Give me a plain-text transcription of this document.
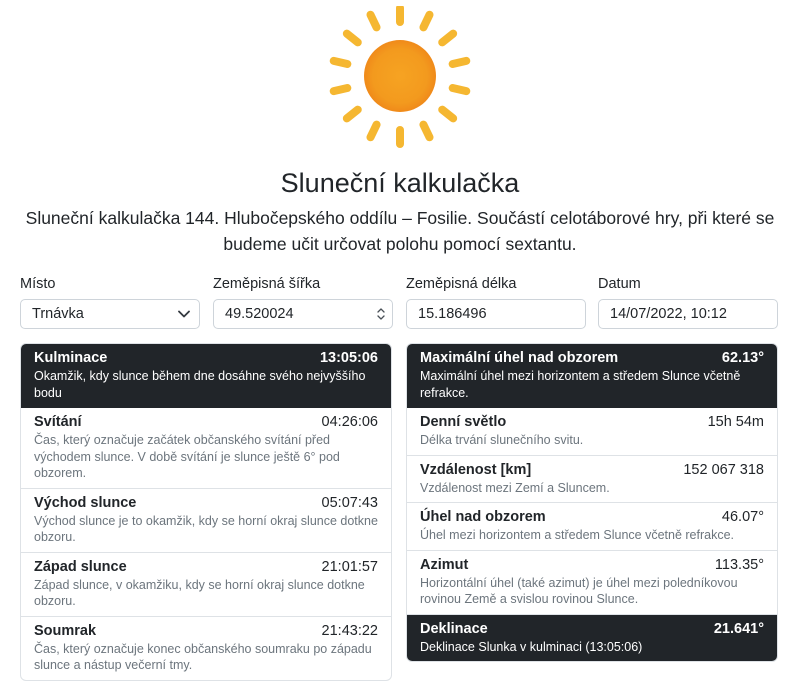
Sluneční kalkulačka
Sluneční kalkulačka 144. Hlubočepského oddílu – Fosilie. Součástí celotáborové hry, při které se budeme učit určovat polohu pomocí sextantu.
Místo
Trnávka
Zeměpisná šířka
49.520024
Zeměpisná délka
15.186496
Datum
14/07/2022, 10:12
Kulminace	13:05:06
Okamžik, kdy slunce během dne dosáhne svého nejvyššího bodu
Svítání	04:26:06
Čas, který označuje začátek občanského svítání před východem slunce. V době svítání je slunce ještě 6° pod obzorem.
Východ slunce	05:07:43
Východ slunce je to okamžik, kdy se horní okraj slunce dotkne obzoru.
Západ slunce	21:01:57
Západ slunce, v okamžiku, kdy se horní okraj slunce dotkne obzoru.
Soumrak	21:43:22
Čas, který označuje konec občanského soumraku po západu slunce a nástup večerní tmy.
Maximální úhel nad obzorem	62.13°
Maximální úhel mezi horizontem a středem Slunce včetně refrakce.
Denní světlo	15h 54m
Délka trvání slunečního svitu.
Vzdálenost [km]	152 067 318
Vzdálenost mezi Zemí a Sluncem.
Úhel nad obzorem	46.07°
Úhel mezi horizontem a středem Slunce včetně refrakce.
Azimut	113.35°
Horizontální úhel (také azimut) je úhel mezi poledníkovou rovinou Země a svislou rovinou Slunce.
Deklinace	21.641°
Deklinace Slunka v kulminaci (13:05:06)
